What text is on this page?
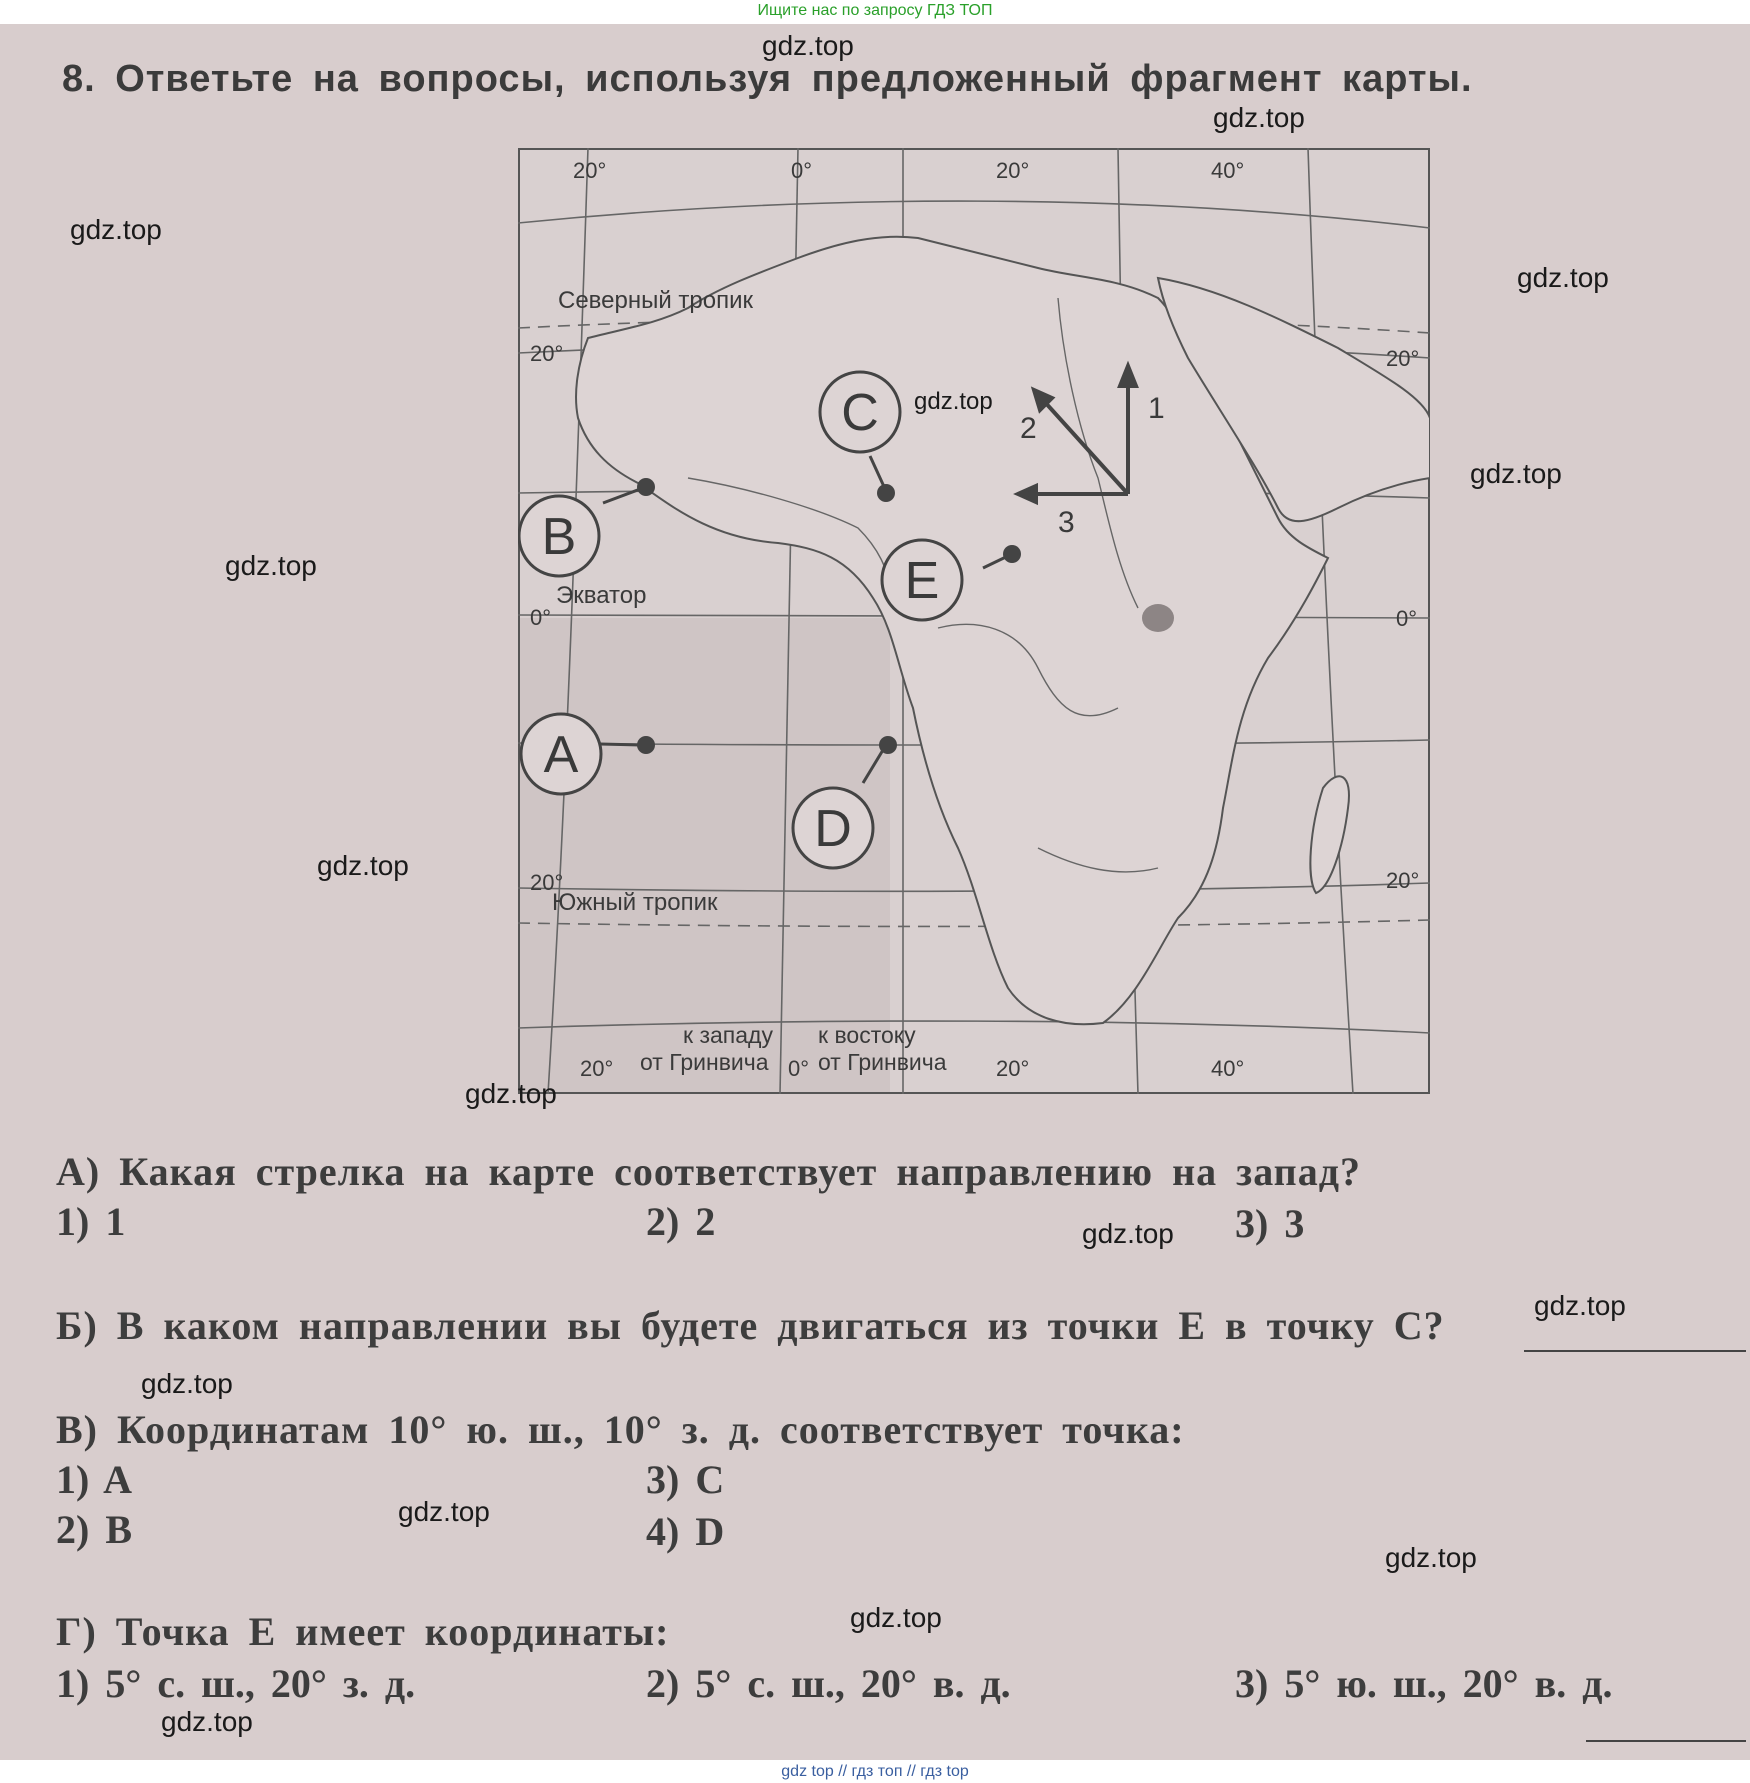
Ищите нас по запросу ГДЗ ТОП
8. Ответьте на вопросы, используя предложенный фрагмент карты.
20°	0°	20°	40°
20°	0°	20°	40°
20°
0°
20°
20°
0°
20°
Северный тропик
Южный тропик
Экватор
к западу
от Гринвича
к востоку
от Гринвича
B
C
E
A
D
1
2
3
А) Какая стрелка на карте соответствует направлению на запад?
1) 1	2) 2	3) 3
Б) В каком направлении вы будете двигаться из точки E в точку C?
В) Координатам 10° ю. ш., 10° з. д. соответствует точка:
1) A
2) B
3) C
4) D
Г) Точка E имеет координаты:
1) 5° с. ш., 20° з. д.	2) 5° с. ш., 20° в. д.	3) 5° ю. ш., 20° в. д.
gdz.top
gdz.top
gdz.top
gdz.top
gdz.top
gdz.top
gdz.top
gdz.top
gdz.top
gdz.top
gdz.top
gdz.top
gdz.top
gdz.top
gdz.top
gdz.top
gdz top // гдз топ // гдз top
